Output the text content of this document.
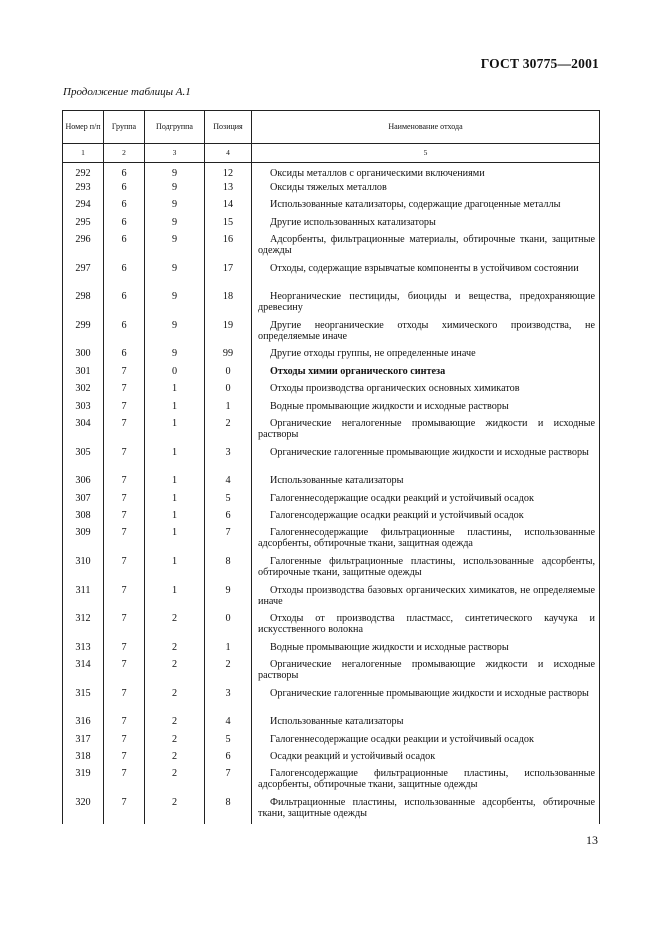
ГОСТ 30775—2001
Продолжение таблицы А.1
Номер п/п	Группа	Подгруппа	Позиция	Наименование отхода
1	2	3	4	5
292	6	9	12	Оксиды металлов с органическими включениями

293	6	9	13	Оксиды тяжелых металлов

294	6	9	14	Использованные катализаторы, содержащие драгоценные металлы

295	6	9	15	Другие использованных катализаторы

296	6	9	16	Адсорбенты, фильтрационные материалы, обтирочные ткани, защитные одежды

297	6	9	17	Отходы, содержащие взрывчатые компоненты в устойчивом состоянии

298	6	9	18	Неорганические пестициды, биоциды и вещества, предохраняющие древесину

299	6	9	19	Другие неорганические отходы химического производства, не определяемые иначе

300	6	9	99	Другие отходы группы, не определенные иначе

301	7	0	0	Отходы химии органического синтеза

302	7	1	0	Отходы производства органических основных химикатов

303	7	1	1	Водные промывающие жидкости и исходные растворы

304	7	1	2	Органические негалогенные промывающие жидкости и исходные растворы

305	7	1	3	Органические галогенные промывающие жидкости и исходные растворы

306	7	1	4	Использованные катализаторы

307	7	1	5	Галогеннесодержащие осадки реакций и устойчивый осадок

308	7	1	6	Галогенсодержащие осадки реакций и устойчивый осадок

309	7	1	7	Галогеннесодержащие фильтрационные пластины, использованные адсорбенты, обтирочные ткани, защитная одежда

310	7	1	8	Галогенные фильтрационные пластины, использованные адсорбенты, обтирочные ткани, защитные одежды

311	7	1	9	Отходы производства базовых органических химикатов, не определяемые иначе

312	7	2	0	Отходы от производства пластмасс, синтетического каучука и искусственного волокна

313	7	2	1	Водные промывающие жидкости и исходные растворы

314	7	2	2	Органические негалогенные промывающие жидкости и исходные растворы

315	7	2	3	Органические галогенные промывающие жидкости и исходные растворы

316	7	2	4	Использованные катализаторы

317	7	2	5	Галогеннесодержащие осадки реакции и устойчивый осадок

318	7	2	6	Осадки реакций и устойчивый осадок

319	7	2	7	Галогенсодержащие фильтрационные пластины, использованные адсорбенты, обтирочные ткани, защитные одежды

320	7	2	8	Фильтрационные пластины, использованные адсорбенты, обтирочные ткани, защитные одежды
13
